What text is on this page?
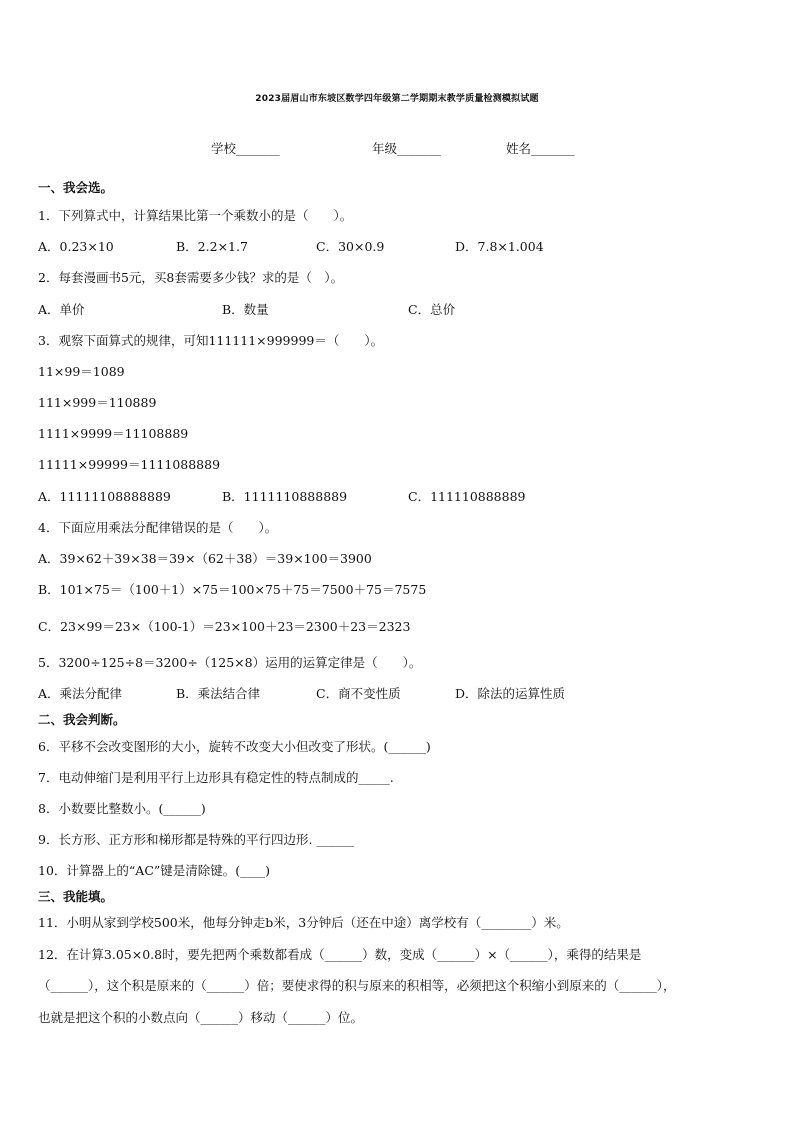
2023届眉山市东坡区数学四年级第二学期期末教学质量检测模拟试题
学校_______	年级_______	姓名_______
一、我会选。
1．下列算式中，计算结果比第一个乘数小的是（　　）。
A．0.23×10	B．2.2×1.7	C．30×0.9	D．7.8×1.004
2．每套漫画书5元，买8套需要多少钱？求的是（　）。
A．单价	B．数量	C．总价
3．观察下面算式的规律，可知111111×999999＝（　　）。
11×99＝1089
111×999＝110889
1111×9999＝11108889
11111×99999＝1111088889
A．11111108888889	B．1111110888889	C．111110888889
4．下面应用乘法分配律错误的是（　　）。
A．39×62＋39×38＝39×（62＋38）＝39×100＝3900
B．101×75＝（100＋1）×75＝100×75＋75＝7500＋75＝7575
C．23×99＝23×（100-1）＝23×100＋23＝2300＋23＝2323
5．3200÷125÷8＝3200÷（125×8）运用的运算定律是（　　）。
A．乘法分配律	B．乘法结合律	C．商不变性质	D．除法的运算性质
二、我会判断。
6．平移不会改变图形的大小，旋转不改变大小但改变了形状。(______)
7．电动伸缩门是利用平行上边形具有稳定性的特点制成的_____.
8．小数要比整数小。(______)
9．长方形、正方形和梯形都是特殊的平行四边形. ______
10．计算器上的“AC”键是清除键。(____)
三、我能填。
11．小明从家到学校500米，他每分钟走b米，3分钟后（还在中途）离学校有（________）米。
12．在计算3.05×0.8时，要先把两个乘数都看成（______）数，变成（______）×（______），乘得的结果是
（______），这个积是原来的（______）倍；要使求得的积与原来的积相等，必须把这个积缩小到原来的（______），
也就是把这个积的小数点向（______）移动（______）位。
